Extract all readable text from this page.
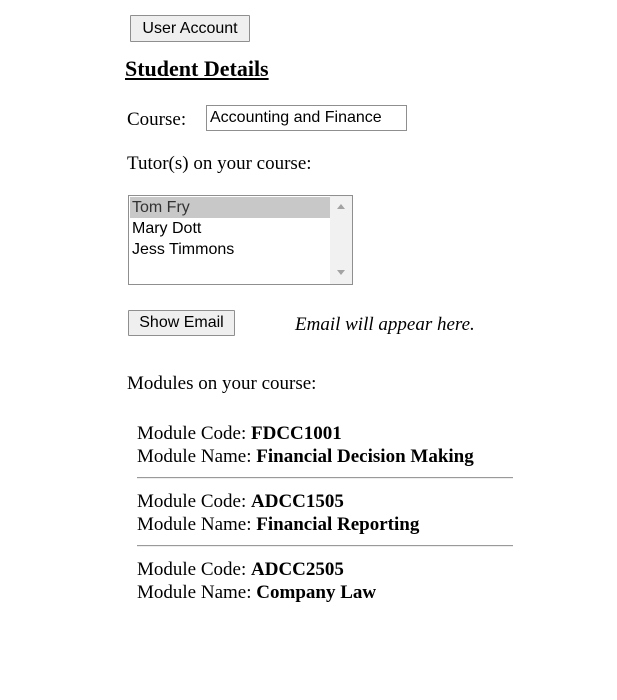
User Account
Student Details
Course: Accounting and Finance
Tutor(s) on your course:
Tom Fry
Mary Dott
Jess Timmons
Show Email	Email will appear here.
Modules on your course:
Module Code: FDCC1001
Module Name: Financial Decision Making
Module Code: ADCC1505
Module Name: Financial Reporting
Module Code: ADCC2505
Module Name: Company Law
